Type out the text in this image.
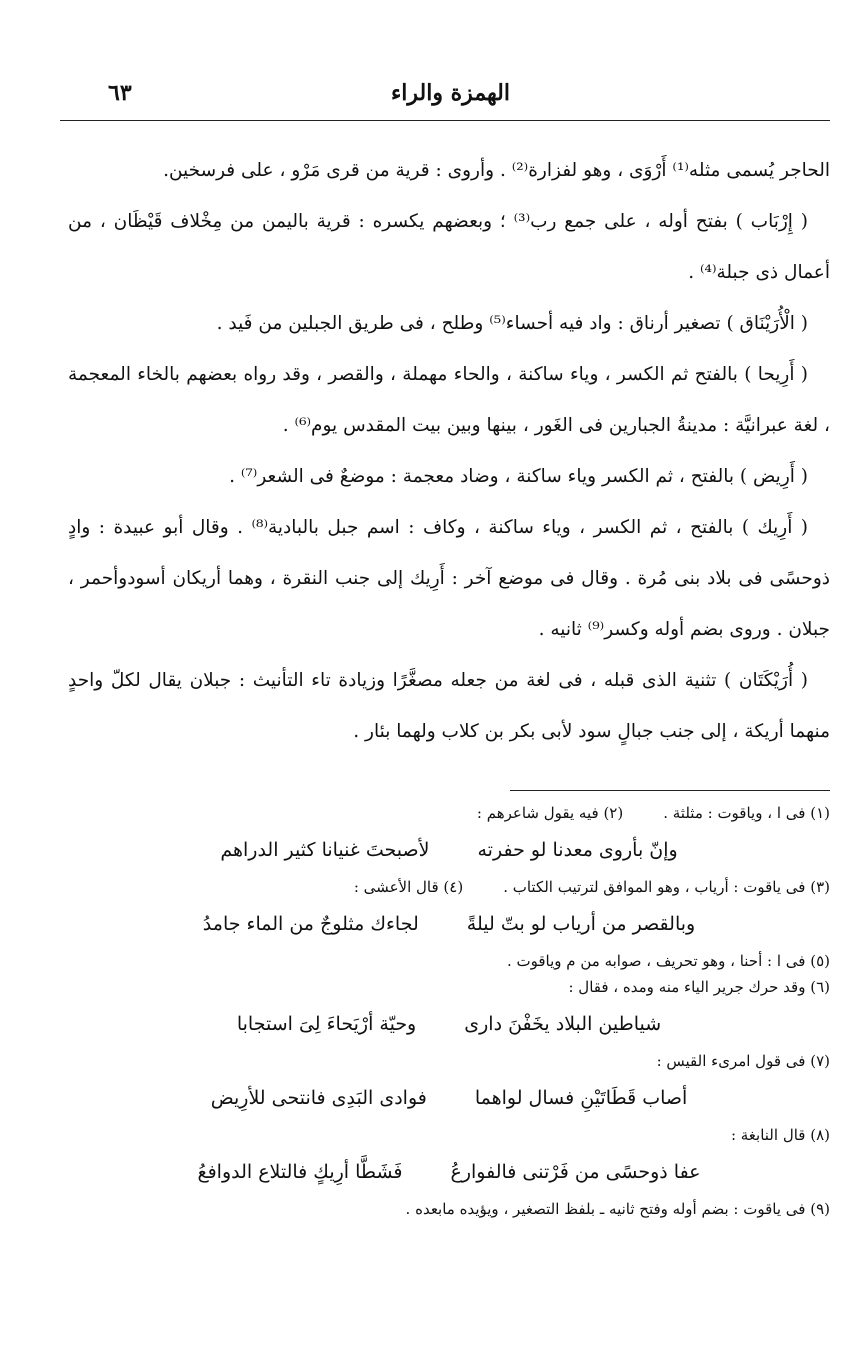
الهمزة والراء
٦٣

الحاجر يُسمى مثله⁽¹⁾ أَرْوَى ، وهو لفزارة⁽²⁾ . وأروى : قرية من قرى مَرْو ، على فرسخين.

( إِرْبَاب ) بفتح أوله ، على جمع رب⁽³⁾ ؛ وبعضهم يكسره : قرية باليمن من مِخْلاف قَيْظَان ، من أعمال ذى جبلة⁽⁴⁾ .

( الْأُرَيْنَاق ) تصغير أرناق : واد فيه أحساء⁽⁵⁾ وطلح ، فى طريق الجبلين من فَيد .

( أَرِيحا ) بالفتح ثم الكسر ، وياء ساكنة ، والحاء مهملة ، والقصر ، وقد رواه بعضهم بالخاء المعجمة ، لغة عبرانيَّة : مدينةُ الجبارين فى الغَور ، بينها وبين بيت المقدس يوم⁽⁶⁾ .

( أَرِيض ) بالفتح ، ثم الكسر وياء ساكنة ، وضاد معجمة : موضعٌ فى الشعر⁽⁷⁾ .

( أَرِيك ) بالفتح ، ثم الكسر ، وياء ساكنة ، وكاف : اسم جبل بالبادية⁽⁸⁾ . وقال أبو عبيدة : وادٍ ذوحسًى فى بلاد بنى مُرة . وقال فى موضع آخر : أَرِيك إلى جنب النقرة ، وهما أريكان أسودوأحمر ، جبلان . وروى بضم أوله وكسر⁽⁹⁾ ثانيه .

( أُرَيْكَتَان ) تثنية الذى قبله ، فى لغة من جعله مصغَّرًا وزيادة تاء التأنيث : جبلان يقال لكلّ واحدٍ منهما أريكة ، إلى جنب جبالٍ سود لأبى بكر بن كلاب ولهما بئار .

(١) فى ا ، وياقوت : مثلثة .
(٢) فيه يقول شاعرهم :
وإنّ بأروى معدنا لو حفرته
لأصبحتَ غنيانا كثير الدراهم
(٣) فى ياقوت : أرياب ، وهو الموافق لترتيب الكتاب .
(٤) قال الأعشى :
وبالقصر من أرياب لو بتّ ليلةً
لجاءك مثلوجٌ من الماء جامدُ

(٥) فى ا : أحنا ، وهو تحريف ، صوابه من م وياقوت .

(٦) وقد حرك جرير الياء منه ومده ، فقال :

شياطين البلاد يخَفْنَ دارى
وحيّة أرْيَحاءَ لِىَ استجابا

(٧) فى قول امرىء القيس :

أصاب قَطَاتَيْنِ فسال لواهما
فوادى البَدِى فانتحى للأرِيض

(٨) قال النابغة :

عفا ذوحسًى من فَرْتنى فالفوارعُ
فَشَطَّا أرِيكٍ فالتلاع الدوافعُ

(٩) فى ياقوت : بضم أوله وفتح ثانيه ـ بلفظ التصغير ، ويؤيده مابعده .
